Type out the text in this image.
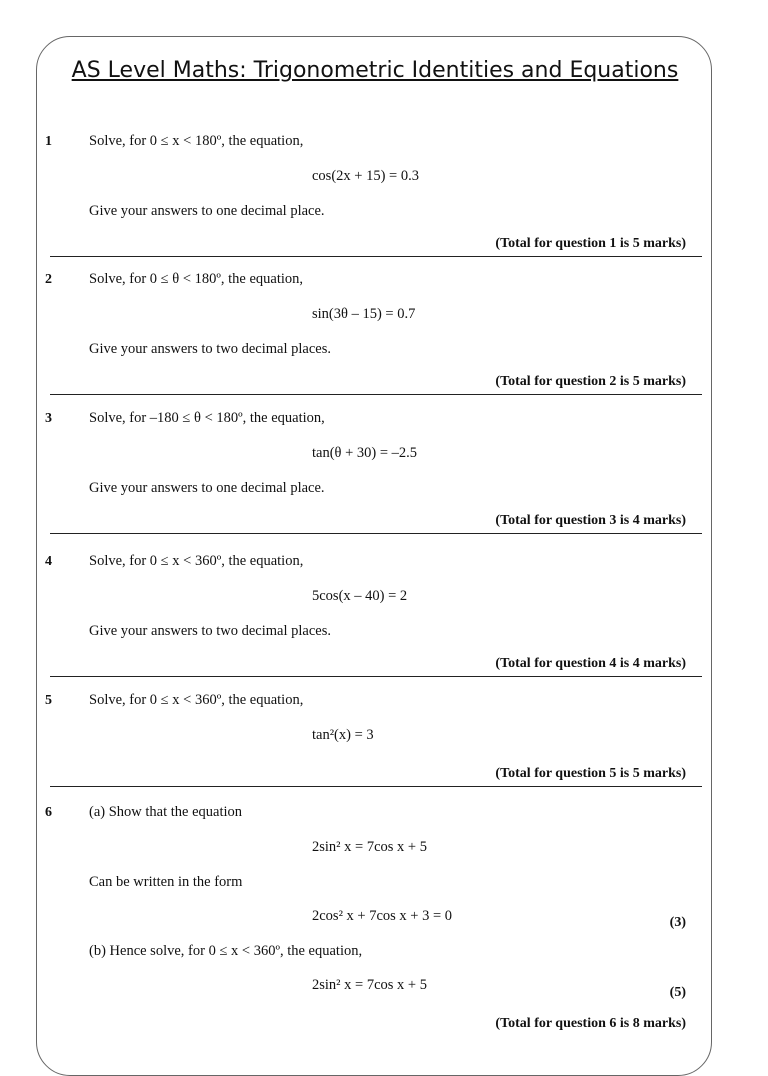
AS Level Maths: Trigonometric Identities and Equations
1	Solve, for 0 ≤ x < 180º, the equation,
cos(2x + 15) = 0.3
Give your answers to one decimal place.
(Total for question 1 is 5 marks)
2	Solve, for 0 ≤ θ < 180º, the equation,
sin(3θ – 15) = 0.7
Give your answers to two decimal places.
(Total for question 2 is 5 marks)
3	Solve, for –180 ≤ θ < 180º, the equation,
tan(θ + 30) = –2.5
Give your answers to one decimal place.
(Total for question 3 is 4 marks)
4	Solve, for 0 ≤ x < 360º, the equation,
5cos(x – 40) = 2
Give your answers to two decimal places.
(Total for question 4 is 4 marks)
5	Solve, for 0 ≤ x < 360º, the equation,
tan²(x) = 3
(Total for question 5 is 5 marks)
6	(a) Show that the equation
2sin² x = 7cos x + 5
Can be written in the form
2cos² x + 7cos x + 3 = 0	(3)
(b) Hence solve, for 0 ≤ x < 360º, the equation,
2sin² x = 7cos x + 5	(5)
(Total for question 6 is 8 marks)
